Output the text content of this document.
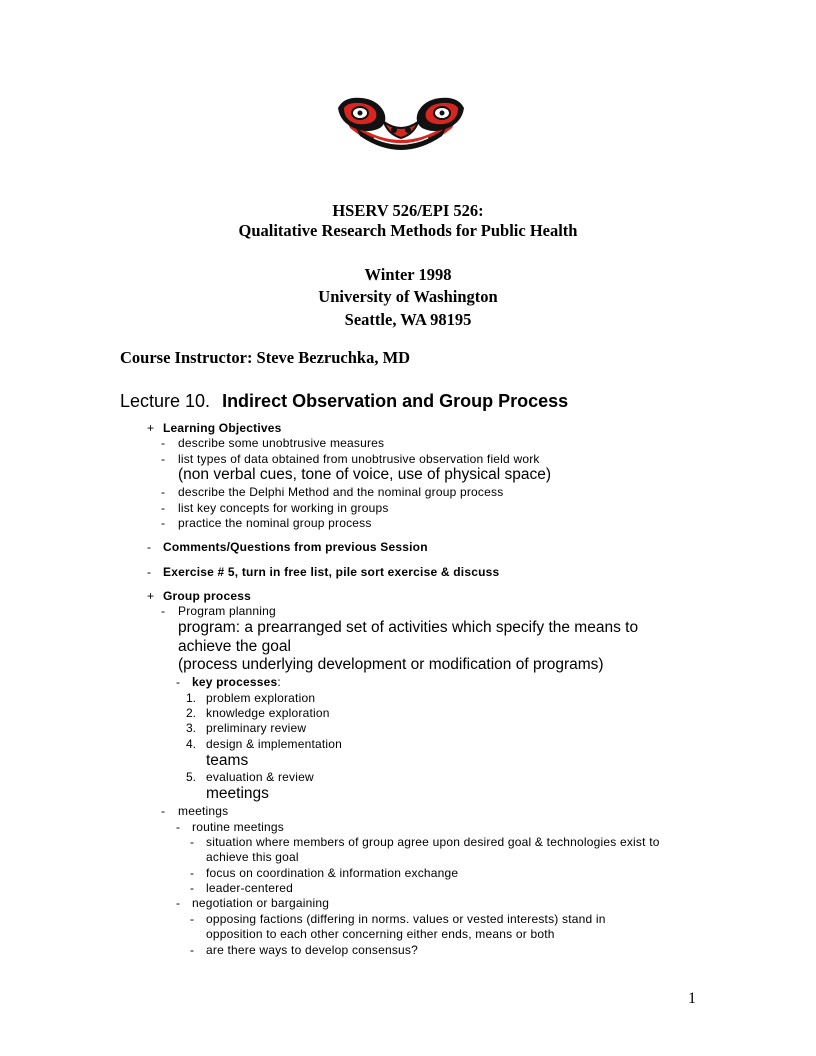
HSERV 526/EPI 526:
Qualitative Research Methods for Public Health
Winter 1998
University of Washington
Seattle, WA 98195
Course Instructor: Steve Bezruchka, MD
Lecture 10. Indirect Observation and Group Process
+ Learning Objectives
- describe some unobtrusive measures
- list types of data obtained from unobtrusive observation field work
(non verbal cues, tone of voice, use of physical space)
- describe the Delphi Method and the nominal group process
- list key concepts for working in groups
- practice the nominal group process
- Comments/Questions from previous Session
- Exercise # 5, turn in free list, pile sort exercise & discuss
+ Group process
- Program planning
program: a prearranged set of activities which specify the means to
achieve the goal
(process underlying development or modification of programs)
- key processes:
1. problem exploration
2. knowledge exploration
3. preliminary review
4. design & implementation
teams
5. evaluation & review
meetings
- meetings
- routine meetings
- situation where members of group agree upon desired goal & technologies exist to
achieve this goal
- focus on coordination & information exchange
- leader-centered
- negotiation or bargaining
- opposing factions (differing in norms. values or vested interests) stand in
opposition to each other concerning either ends, means or both
- are there ways to develop consensus?
1
